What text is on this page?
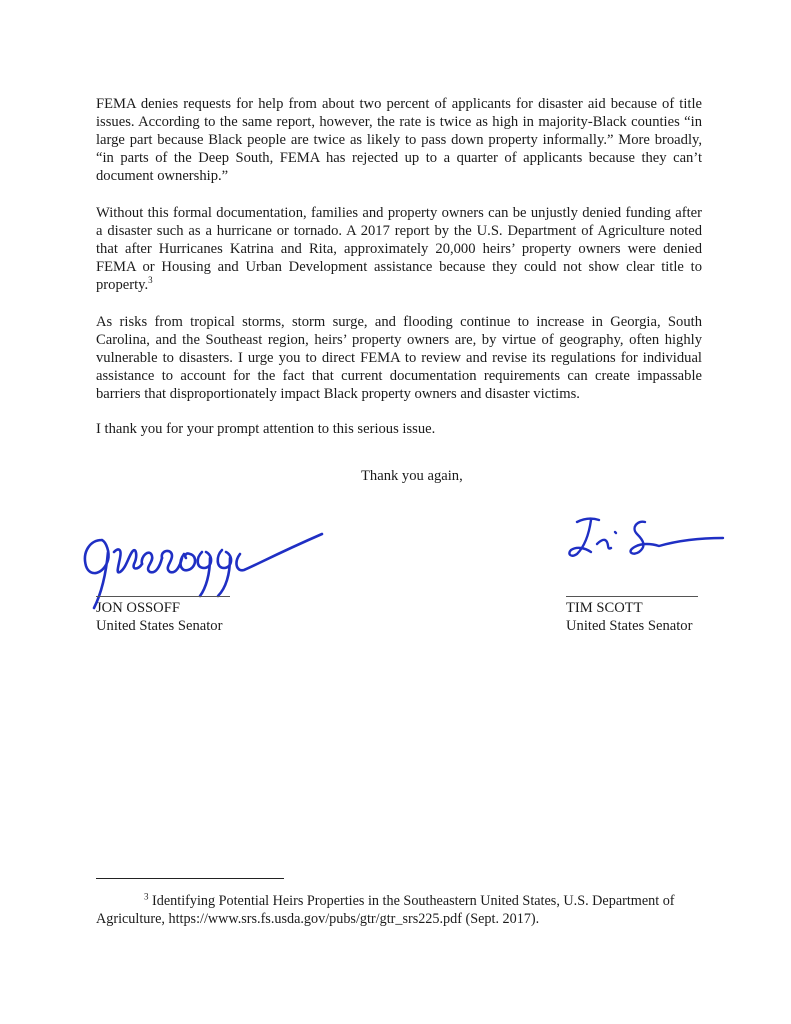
FEMA denies requests for help from about two percent of applicants for disaster aid because of title issues. According to the same report, however, the rate is twice as high in majority-Black counties “in large part because Black people are twice as likely to pass down property informally.” More broadly, “in parts of the Deep South, FEMA has rejected up to a quarter of applicants because they can’t document ownership.”

Without this formal documentation, families and property owners can be unjustly denied funding after a disaster such as a hurricane or tornado. A 2017 report by the U.S. Department of Agriculture noted that after Hurricanes Katrina and Rita, approximately 20,000 heirs’ property owners were denied FEMA or Housing and Urban Development assistance because they could not show clear title to property.$^3$

As risks from tropical storms, storm surge, and flooding continue to increase in Georgia, South Carolina, and the Southeast region, heirs’ property owners are, by virtue of geography, often highly vulnerable to disasters. I urge you to direct FEMA to review and revise its regulations for individual assistance to account for the fact that current documentation requirements can create impassable barriers that disproportionately impact Black property owners and disaster victims.

I thank you for your prompt attention to this serious issue.

Thank you again,

JON OSSOFF
United States Senator

TIM SCOTT
United States Senator

$^3$ Identifying Potential Heirs Properties in the Southeastern United States, U.S. Department of Agriculture, https://www.srs.fs.usda.gov/pubs/gtr/gtr_srs225.pdf (Sept. 2017).
